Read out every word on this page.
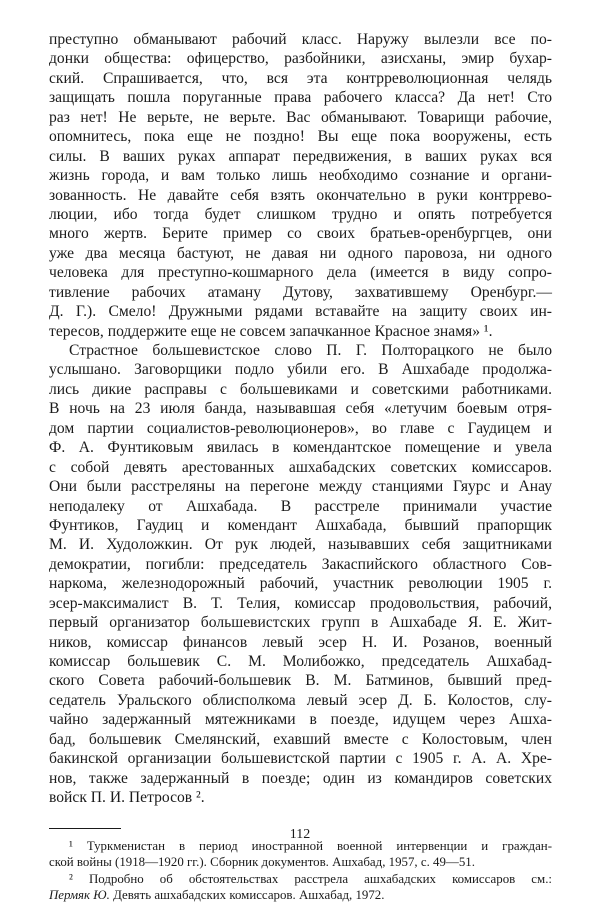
преступно обманывают рабочий класс. Наружу вылезли все по-
донки общества: офицерство, разбойники, азисханы, эмир бухар-
ский. Спрашивается, что, вся эта контрреволюционная челядь
защищать пошла поруганные права рабочего класса? Да нет! Сто
раз нет! Не верьте, не верьте. Вас обманывают. Товарищи рабочие,
опомнитесь, пока еще не поздно! Вы еще пока вооружены, есть
силы. В ваших руках аппарат передвижения, в ваших руках вся
жизнь города, и вам только лишь необходимо сознание и органи-
зованность. Не давайте себя взять окончательно в руки контррево-
люции, ибо тогда будет слишком трудно и опять потребуется
много жертв. Берите пример со своих братьев-оренбургцев, они
уже два месяца бастуют, не давая ни одного паровоза, ни одного
человека для преступно-кошмарного дела (имеется в виду сопро-
тивление рабочих атаману Дутову, захватившему Оренбург.—
Д. Г.). Смело! Дружными рядами вставайте на защиту своих ин-
тересов, поддержите еще не совсем запачканное Красное знамя» ¹.
Страстное большевистское слово П. Г. Полторацкого не было
услышано. Заговорщики подло убили его. В Ашхабаде продолжа-
лись дикие расправы с большевиками и советскими работниками.
В ночь на 23 июля банда, называвшая себя «летучим боевым отря-
дом партии социалистов-революционеров», во главе с Гаудицем и
Ф. А. Фунтиковым явилась в комендантское помещение и увела
с собой девять арестованных ашхабадских советских комиссаров.
Они были расстреляны на перегоне между станциями Гяурс и Анау
неподалеку от Ашхабада. В расстреле принимали участие
Фунтиков, Гаудиц и комендант Ашхабада, бывший прапорщик
М. И. Худоложкин. От рук людей, называвших себя защитниками
демократии, погибли: председатель Закаспийского областного Сов-
наркома, железнодорожный рабочий, участник революции 1905 г.
эсер-максималист В. Т. Телия, комиссар продовольствия, рабочий,
первый организатор большевистских групп в Ашхабаде Я. Е. Жит-
ников, комиссар финансов левый эсер Н. И. Розанов, военный
комиссар большевик С. М. Молибожко, председатель Ашхабад-
ского Совета рабочий-большевик В. М. Батминов, бывший пред-
седатель Уральского облисполкома левый эсер Д. Б. Колостов, слу-
чайно задержанный мятежниками в поезде, идущем через Ашха-
бад, большевик Смелянский, ехавший вместе с Колостовым, член
бакинской организации большевистской партии с 1905 г. А. А. Хре-
нов, также задержанный в поезде; один из командиров советских
войск П. И. Петросов ².
¹ Туркменистан в период иностранной военной интервенции и граждан-
ской войны (1918—1920 гг.). Сборник документов. Ашхабад, 1957, с. 49—51.
² Подробно об обстоятельствах расстрела ашхабадских комиссаров см.:
Пермяк Ю. Девять ашхабадских комиссаров. Ашхабад, 1972.
112
